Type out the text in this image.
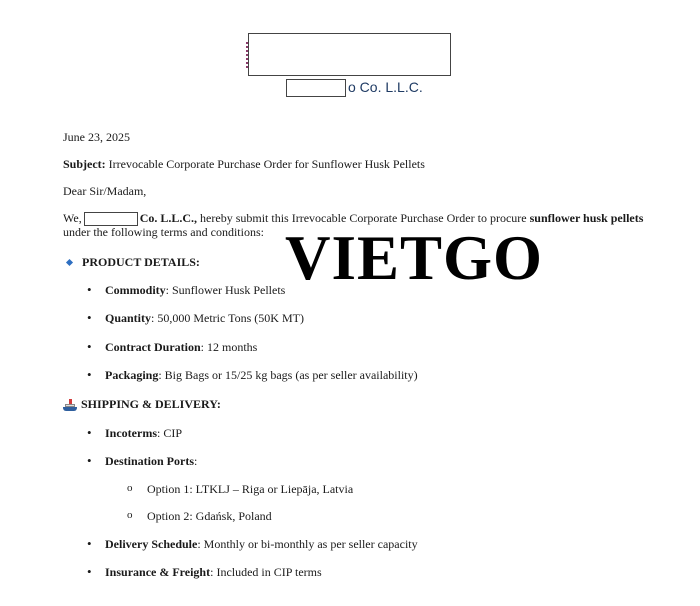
o Co. L.L.C.
June 23, 2025
Subject: Irrevocable Corporate Purchase Order for Sunflower Husk Pellets
Dear Sir/Madam,
We,	Co. L.L.C., hereby submit this Irrevocable Corporate Purchase Order to procure sunflower husk pellets
under the following terms and conditions:
PRODUCT DETAILS:
Commodity: Sunflower Husk Pellets
Quantity: 50,000 Metric Tons (50K MT)
Contract Duration: 12 months
Packaging: Big Bags or 15/25 kg bags (as per seller availability)
SHIPPING & DELIVERY:
Incoterms: CIP
Destination Ports:
Option 1: LTKLJ – Riga or Liepāja, Latvia
Option 2: Gdańsk, Poland
Delivery Schedule: Monthly or bi-monthly as per seller capacity
Insurance & Freight: Included in CIP terms
VIETGO
